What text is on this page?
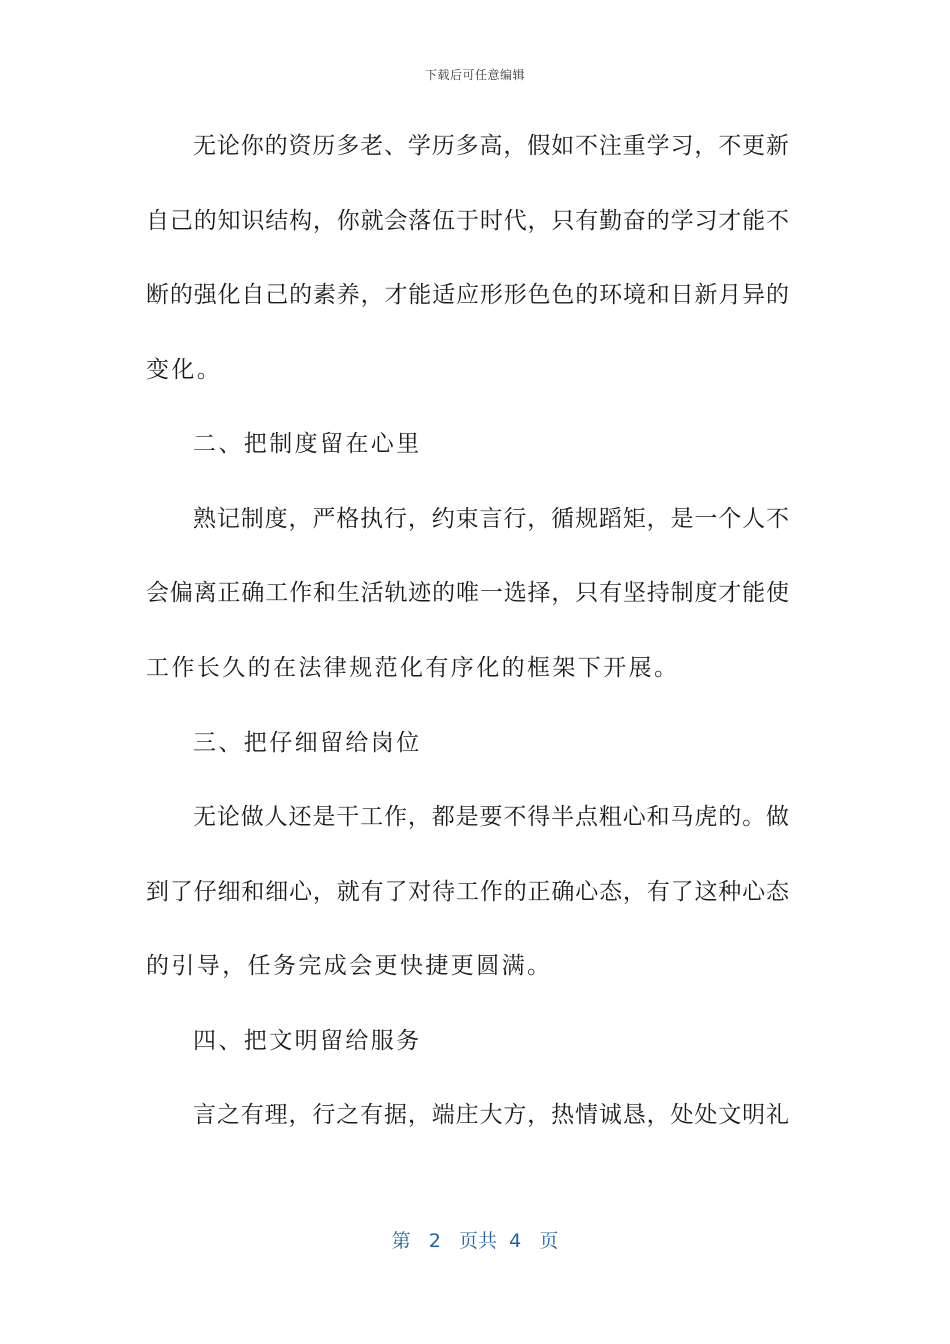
下载后可任意编辑
无论你的资历多老、学历多高，假如不注重学习，不更新
自己的知识结构，你就会落伍于时代，只有勤奋的学习才能不
断的强化自己的素养，才能适应形形色色的环境和日新月异的
变化。
二、把制度留在心里
熟记制度，严格执行，约束言行，循规蹈矩，是一个人不
会偏离正确工作和生活轨迹的唯一选择，只有坚持制度才能使
工作长久的在法律规范化有序化的框架下开展。
三、把仔细留给岗位
无论做人还是干工作，都是要不得半点粗心和马虎的。做
到了仔细和细心，就有了对待工作的正确心态，有了这种心态
的引导，任务完成会更快捷更圆满。
四、把文明留给服务
言之有理，行之有据，端庄大方，热情诚恳，处处文明礼
第 2 页共 4 页
